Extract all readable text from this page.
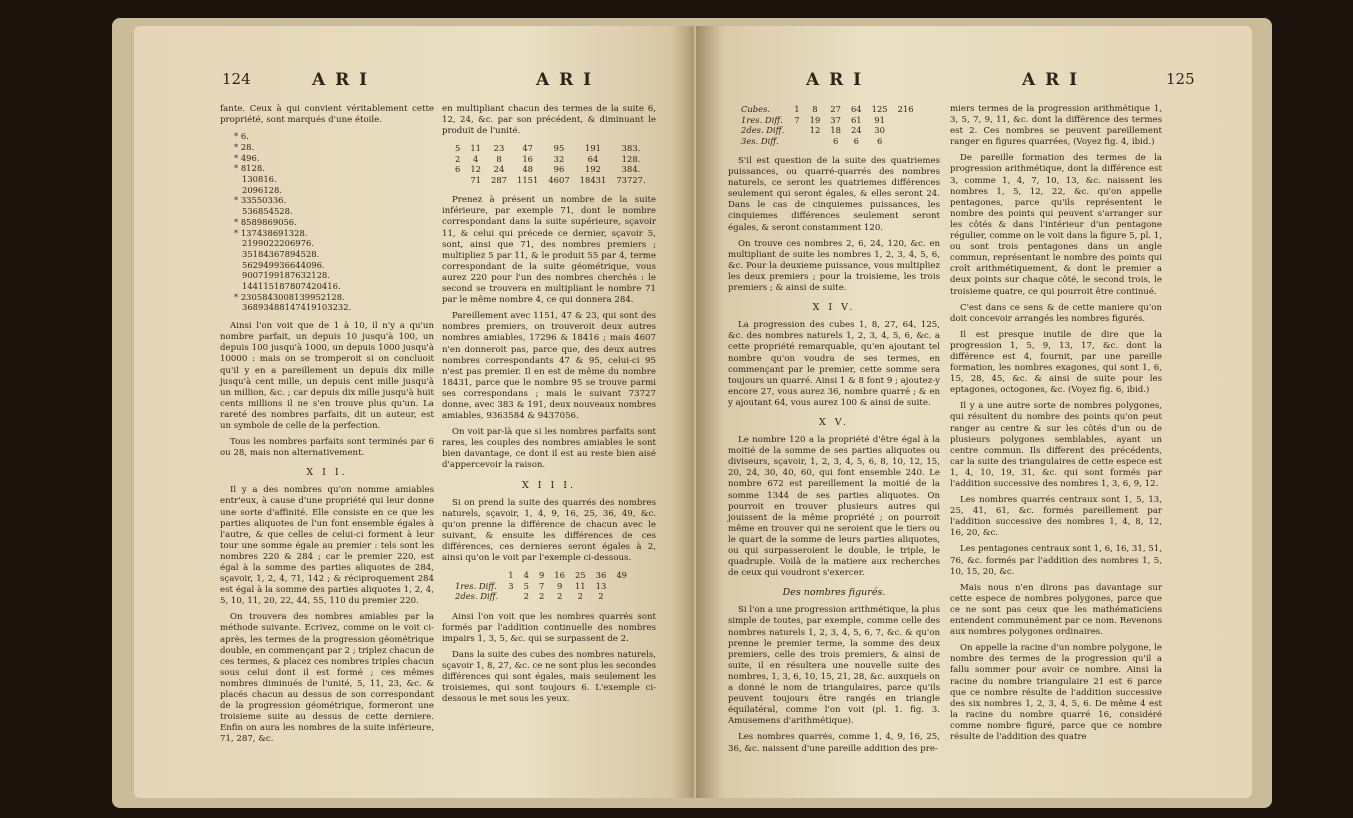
124	A R I	A R I

fante. Ceux à qui convient véritablement cette propriété, sont marqués d'une étoile.

* 6.
* 28.
* 496.
* 8128.
130816.
2096128.
* 33550336.
536854528.
* 8589869056.
* 137438691328.
2199022206976.
35184367894528.
562949936644096.
9007199187632128.
144115187807420416.
* 2305843008139952128.
36893488147419103232.

Ainsi l'on voit que de 1 à 10, il n'y a qu'un nombre parfait, un depuis 10 jusqu'à 100, un depuis 100 jusqu'à 1000, un depuis 1000 jusqu'à 10000 : mais on se tromperoit si on concluoit qu'il y en a pareillement un depuis dix mille jusqu'à cent mille, un depuis cent mille jusqu'à un million, &c. ; car depuis dix mille jusqu'à huit cents millions il ne s'en trouve plus qu'un. La rareté des nombres parfaits, dit un auteur, est un symbole de celle de la perfection.

Tous les nombres parfaits sont terminés par 6 ou 28, mais non alternativement.

X I I.

Il y a des nombres qu'on nomme amiables entr'eux, à cause d'une propriété qui leur donne une sorte d'affinité. Elle consiste en ce que les parties aliquotes de l'un font ensemble égales à l'autre, & que celles de celui-ci forment à leur tour une somme égale au premier : tels sont les nombres 220 & 284 ; car le premier 220, est égal à la somme des parties aliquotes de 284, sçavoir, 1, 2, 4, 71, 142 ; & réciproquement 284 est égal à la somme des parties aliquotes 1, 2, 4, 5, 10, 11, 20, 22, 44, 55, 110 du premier 220.

On trouvera des nombres amiables par la méthode suivante. Ecrivez, comme on le voit ci-après, les termes de la progression géométrique double, en commençant par 2 ; triplez chacun de ces termes, & placez ces nombres triples chacun sous celui dont il est formé ; ces mêmes nombres diminués de l'unité, 5, 11, 23, &c. & placés chacun au dessus de son correspondant de la progression géométrique, formeront une troisieme suite au dessus de cette derniere. Enfin on aura les nombres de la suite inférieure, 71, 287, &c.

en multipliant chacun des termes de la suite 6, 12, 24, &c. par son précédent, & diminuant le produit de l'unité.

5	11	23	47	95	191	383.
2	4	8	16	32	64	128.
6	12	24	48	96	192	384.
	71	287	1151	4607	18431	73727.

Prenez à présent un nombre de la suite inférieure, par exemple 71, dont le nombre correspondant dans la suite supérieure, sçavoir 11, & celui qui précede ce dernier, sçavoir 5, sont, ainsi que 71, des nombres premiers ; multipliez 5 par 11, & le produit 55 par 4, terme correspondant de la suite géométrique, vous aurez 220 pour l'un des nombres cherchés : le second se trouvera en multipliant le nombre 71 par le même nombre 4, ce qui donnera 284.

Pareillement avec 1151, 47 & 23, qui sont des nombres premiers, on trouveroit deux autres nombres amiables, 17296 & 18416 ; mais 4607 n'en donneroit pas, parce que, des deux autres nombres correspondants 47 & 95, celui-ci 95 n'est pas premier. Il en est de même du nombre 18431, parce que le nombre 95 se trouve parmi ses correspondans ; mais le suivant 73727 donne, avec 383 & 191, deux nouveaux nombres amiables, 9363584 & 9437056.

On voit par-là que si les nombres parfaits sont rares, les couples des nombres amiables le sont bien davantage, ce dont il est au reste bien aisé d'appercevoir la raison.

X I I I.

Si on prend la suite des quarrés des nombres naturels, sçavoir, 1, 4, 9, 16, 25, 36, 49, &c. qu'on prenne la différence de chacun avec le suivant, & ensuite les différences de ces différences, ces dernieres seront égales à 2, ainsi qu'on le voit par l'exemple ci-dessous.

	1	4	9	16	25	36	49
1res. Diff.	3	5	7	9	11	13	
2des. Diff.		2	2	2	2	2	

Ainsi l'on voit que les nombres quarrés sont formés par l'addition continuelle des nombres impairs 1, 3, 5, &c. qui se surpassent de 2.

Dans la suite des cubes des nombres naturels, sçavoir 1, 8, 27, &c. ce ne sont plus les secondes différences qui sont égales, mais seulement les troisiemes, qui sont toujours 6. L'exemple ci-dessous le met sous les yeux.

A R I	A R I	125
Cubes.	1	8	27	64	125	216
1res. Diff.	7	19	37	61	91	
2des. Diff.		12	18	24	30	
3es. Diff.			6	6	6	

S'il est question de la suite des quatriemes puissances, ou quarré-quarrés des nombres naturels, ce seront les quatriemes différences seulement qui seront égales, & elles seront 24. Dans le cas de cinquiemes puissances, les cinquiemes différences seulement seront égales, & seront constamment 120.

On trouve ces nombres 2, 6, 24, 120, &c. en multipliant de suite les nombres 1, 2, 3, 4, 5, 6, &c. Pour la deuxieme puissance, vous multipliez les deux premiers ; pour la troisieme, les trois premiers ; & ainsi de suite.

X I V.

La progression des cubes 1, 8, 27, 64, 125, &c. des nombres naturels 1, 2, 3, 4, 5, 6, &c. a cette propriété remarquable, qu'en ajoutant tel nombre qu'on voudra de ses termes, en commençant par le premier, cette somme sera toujours un quarré. Ainsi 1 & 8 font 9 ; ajoutez-y encore 27, vous aurez 36, nombre quarré ; & en y ajoutant 64, vous aurez 100 & ainsi de suite.

X V.

Le nombre 120 a la propriété d'être égal à la moitié de la somme de ses parties aliquotes ou diviseurs, sçavoir, 1, 2, 3, 4, 5, 6, 8, 10, 12, 15, 20, 24, 30, 40, 60, qui font ensemble 240. Le nombre 672 est pareillement la moitié de la somme 1344 de ses parties aliquotes. On pourroit en trouver plusieurs autres qui jouissent de la même propriété ; on pourroit même en trouver qui ne seroient que le tiers ou le quart de la somme de leurs parties aliquotes, ou qui surpasseroient le double, le triple, le quadruple. Voilà de la matiere aux recherches de ceux qui voudront s'exercer.

Des nombres figurés.

Si l'on a une progression arithmétique, la plus simple de toutes, par exemple, comme celle des nombres naturels 1, 2, 3, 4, 5, 6, 7, &c. & qu'on prenne le premier terme, la somme des deux premiers, celle des trois premiers, & ainsi de suite, il en résultera une nouvelle suite des nombres, 1, 3, 6, 10, 15, 21, 28, &c. auxquels on a donné le nom de triangulaires, parce qu'ils peuvent toujours être rangés en triangle équilatéral, comme l'on voit (pl. 1. fig. 3. Amusemens d'arithmétique).

Les nombres quarrés, comme 1, 4, 9, 16, 25, 36, &c. naissent d'une pareille addition des pre-

miers termes de la progression arithmétique 1, 3, 5, 7, 9, 11, &c. dont la différence des termes est 2. Ces nombres se peuvent pareillement ranger en figures quarrées, (Voyez fig. 4, ibid.)

De pareille formation des termes de la progression arithmétique, dont la différence est 3, comme 1, 4, 7, 10, 13, &c. naissent les nombres 1, 5, 12, 22, &c. qu'on appelle pentagones, parce qu'ils représentent le nombre des points qui peuvent s'arranger sur les côtés & dans l'intérieur d'un pentagone régulier, comme on le voit dans la figure 5, pl. 1, ou sont trois pentagones dans un angle commun, représentant le nombre des points qui croît arithmétiquement, & dont le premier a deux points sur chaque côté, le second trois, le troisieme quatre, ce qui pourroit être continué.

C'est dans ce sens & de cette maniere qu'on doit concevoir arrangés les nombres figurés.

Il est presque inutile de dire que la progression 1, 5, 9, 13, 17, &c. dont la différence est 4, fournit, par une pareille formation, les nombres exagones, qui sont 1, 6, 15, 28, 45, &c. & ainsi de suite pour les eptagones, octogones, &c. (Voyez fig. 6, ibid.)

Il y a une autre sorte de nombres polygones, qui résultent du nombre des points qu'on peut ranger au centre & sur les côtés d'un ou de plusieurs polygones semblables, ayant un centre commun. Ils different des précédents, car la suite des triangulaires de cette espece est 1, 4, 10, 19, 31, &c. qui sont formés par l'addition successive des nombres 1, 3, 6, 9, 12.

Les nombres quarrés centraux sont 1, 5, 13, 25, 41, 61, &c. formés pareillement par l'addition successive des nombres 1, 4, 8, 12, 16, 20, &c.

Les pentagones centraux sont 1, 6, 16, 31, 51, 76, &c. formés par l'addition des nombres 1, 5, 10, 15, 20, &c.

Mais nous n'en dirons pas davantage sur cette espece de nombres polygones, parce que ce ne sont pas ceux que les mathématiciens entendent communément par ce nom. Revenons aux nombres polygones ordinaires.

On appelle la racine d'un nombre polygone, le nombre des termes de la progression qu'il a fallu sommer pour avoir ce nombre. Ainsi la racine du nombre triangulaire 21 est 6 parce que ce nombre résulte de l'addition successive des six nombres 1, 2, 3, 4, 5, 6. De même 4 est la racine du nombre quarré 16, considéré comme nombre figuré, parce que ce nombre résulte de l'addition des quatre
